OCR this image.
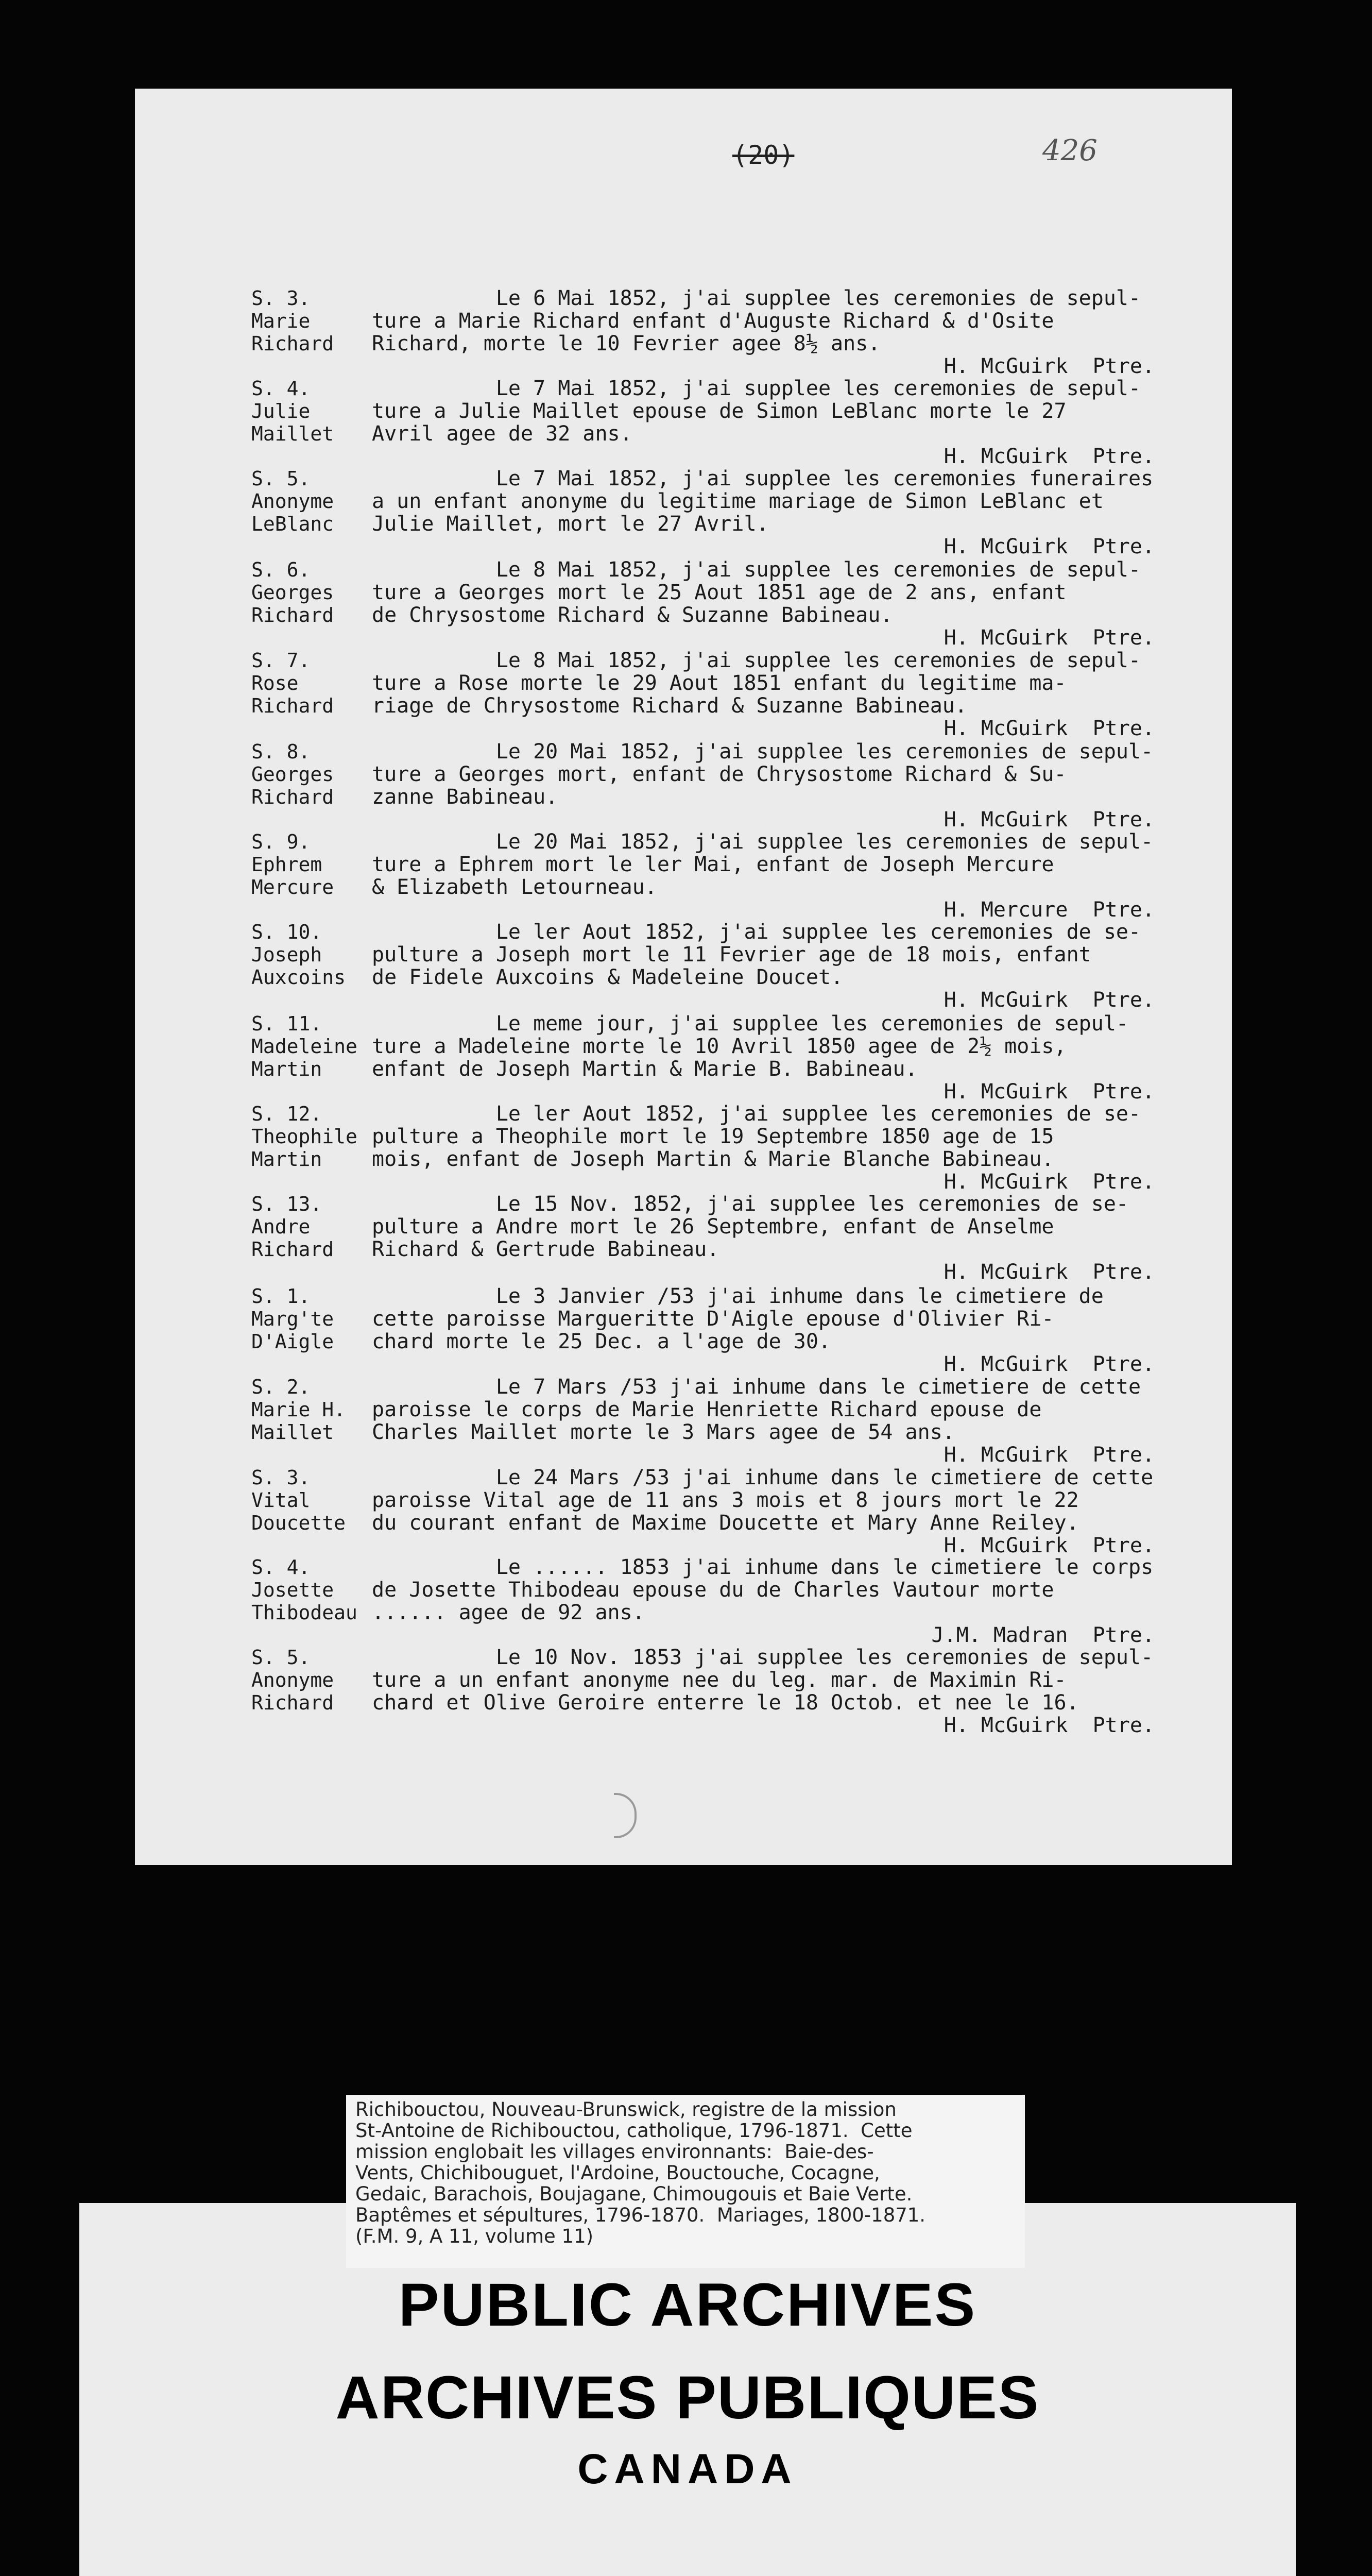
(20)	426
S. 3.
Marie
Richard
Le 6 Mai 1852, j'ai supplee les ceremonies de sepul-
ture a Marie Richard enfant d'Auguste Richard & d'Osite
Richard, morte le 10 Fevrier agee 8½ ans.
H. McGuirk  Ptre.
S. 4.
Julie
Maillet
Le 7 Mai 1852, j'ai supplee les ceremonies de sepul-
ture a Julie Maillet epouse de Simon LeBlanc morte le 27
Avril agee de 32 ans.
H. McGuirk  Ptre.
S. 5.
Anonyme
LeBlanc
Le 7 Mai 1852, j'ai supplee les ceremonies funeraires
a un enfant anonyme du legitime mariage de Simon LeBlanc et
Julie Maillet, mort le 27 Avril.
H. McGuirk  Ptre.
S. 6.
Georges
Richard
Le 8 Mai 1852, j'ai supplee les ceremonies de sepul-
ture a Georges mort le 25 Aout 1851 age de 2 ans, enfant
de Chrysostome Richard & Suzanne Babineau.
H. McGuirk  Ptre.
S. 7.
Rose
Richard
Le 8 Mai 1852, j'ai supplee les ceremonies de sepul-
ture a Rose morte le 29 Aout 1851 enfant du legitime ma-
riage de Chrysostome Richard & Suzanne Babineau.
H. McGuirk  Ptre.
S. 8.
Georges
Richard
Le 20 Mai 1852, j'ai supplee les ceremonies de sepul-
ture a Georges mort, enfant de Chrysostome Richard & Su-
zanne Babineau.
H. McGuirk  Ptre.
S. 9.
Ephrem
Mercure
Le 20 Mai 1852, j'ai supplee les ceremonies de sepul-
ture a Ephrem mort le ler Mai, enfant de Joseph Mercure
& Elizabeth Letourneau.
H. Mercure  Ptre.
S. 10.
Joseph
Auxcoins
Le ler Aout 1852, j'ai supplee les ceremonies de se-
pulture a Joseph mort le 11 Fevrier age de 18 mois, enfant
de Fidele Auxcoins & Madeleine Doucet.
H. McGuirk  Ptre.
S. 11.
Madeleine
Martin
Le meme jour, j'ai supplee les ceremonies de sepul-
ture a Madeleine morte le 10 Avril 1850 agee de 2½ mois,
enfant de Joseph Martin & Marie B. Babineau.
H. McGuirk  Ptre.
S. 12.
Theophile
Martin
Le ler Aout 1852, j'ai supplee les ceremonies de se-
pulture a Theophile mort le 19 Septembre 1850 age de 15
mois, enfant de Joseph Martin & Marie Blanche Babineau.
H. McGuirk  Ptre.
S. 13.
Andre
Richard
Le 15 Nov. 1852, j'ai supplee les ceremonies de se-
pulture a Andre mort le 26 Septembre, enfant de Anselme
Richard & Gertrude Babineau.
H. McGuirk  Ptre.
S. 1.
Marg'te
D'Aigle
Le 3 Janvier /53 j'ai inhume dans le cimetiere de
cette paroisse Margueritte D'Aigle epouse d'Olivier Ri-
chard morte le 25 Dec. a l'age de 30.
H. McGuirk  Ptre.
S. 2.
Marie H.
Maillet
Le 7 Mars /53 j'ai inhume dans le cimetiere de cette
paroisse le corps de Marie Henriette Richard epouse de
Charles Maillet morte le 3 Mars agee de 54 ans.
H. McGuirk  Ptre.
S. 3.
Vital
Doucette
Le 24 Mars /53 j'ai inhume dans le cimetiere de cette
paroisse Vital age de 11 ans 3 mois et 8 jours mort le 22
du courant enfant de Maxime Doucette et Mary Anne Reiley.
H. McGuirk  Ptre.
S. 4.
Josette
Thibodeau
Le ...... 1853 j'ai inhume dans le cimetiere le corps
de Josette Thibodeau epouse du de Charles Vautour morte
...... agee de 92 ans.
J.M. Madran  Ptre.
S. 5.
Anonyme
Richard
Le 10 Nov. 1853 j'ai supplee les ceremonies de sepul-
ture a un enfant anonyme nee du leg. mar. de Maximin Ri-
chard et Olive Geroire enterre le 18 Octob. et nee le 16.
H. McGuirk  Ptre.
PUBLIC ARCHIVES
ARCHIVES PUBLIQUES
CANADA
Richibouctou, Nouveau-Brunswick, registre de la mission
St-Antoine de Richibouctou, catholique, 1796-1871.  Cette
mission englobait les villages environnants:  Baie-des-
Vents, Chichibouguet, l'Ardoine, Bouctouche, Cocagne,
Gedaic, Barachois, Boujagane, Chimougouis et Baie Verte.
Baptêmes et sépultures, 1796-1870.  Mariages, 1800-1871.
(F.M. 9, A 11, volume 11)
